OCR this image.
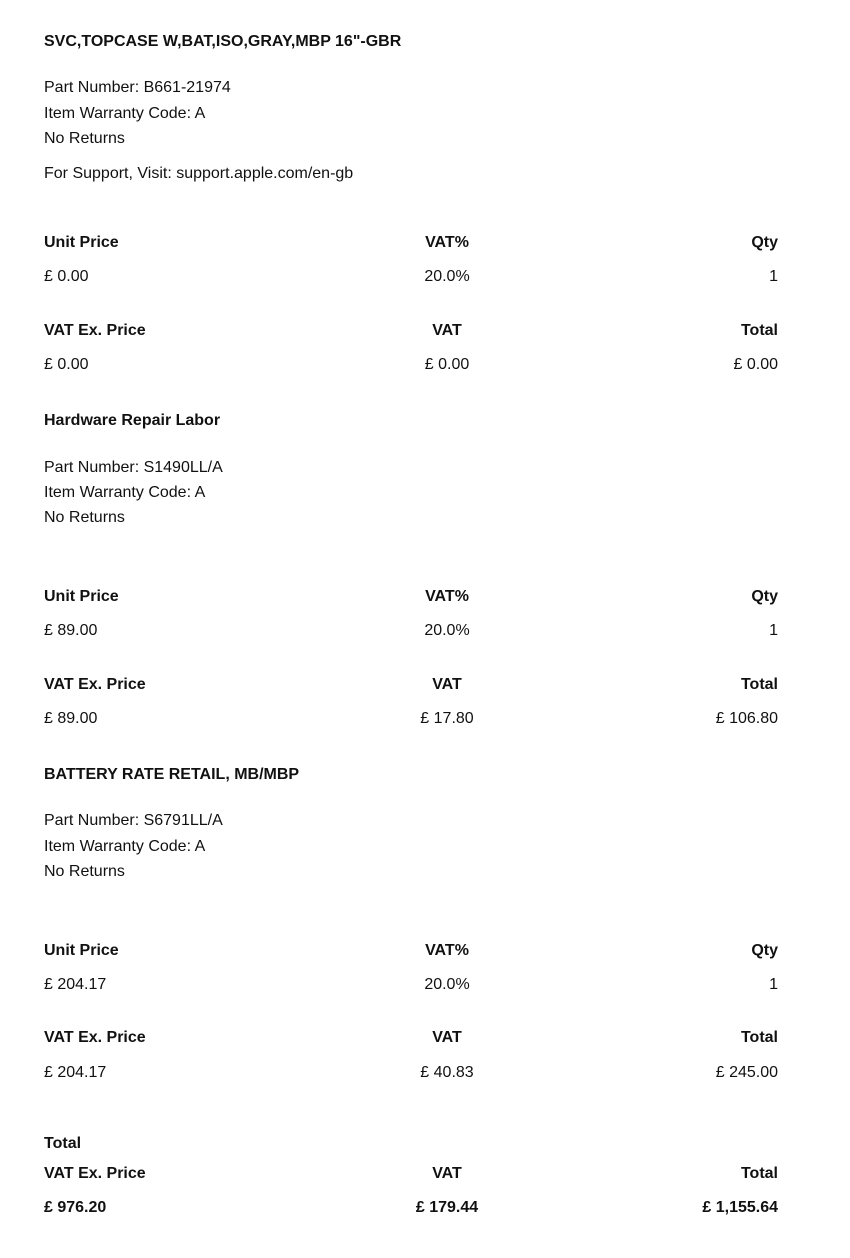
SVC,TOPCASE W,BAT,ISO,GRAY,MBP 16"-GBR
Part Number: B661-21974
Item Warranty Code: A
No Returns
For Support, Visit: support.apple.com/en-gb
Unit Price	VAT%	Qty
£ 0.00	20.0%	1
VAT Ex. Price	VAT	Total
£ 0.00	£ 0.00	£ 0.00
Hardware Repair Labor
Part Number: S1490LL/A
Item Warranty Code: A
No Returns
Unit Price	VAT%	Qty
£ 89.00	20.0%	1
VAT Ex. Price	VAT	Total
£ 89.00	£ 17.80	£ 106.80
BATTERY RATE RETAIL, MB/MBP
Part Number: S6791LL/A
Item Warranty Code: A
No Returns
Unit Price	VAT%	Qty
£ 204.17	20.0%	1
VAT Ex. Price	VAT	Total
£ 204.17	£ 40.83	£ 245.00
Total
VAT Ex. Price	VAT	Total
£ 976.20	£ 179.44	£ 1,155.64
